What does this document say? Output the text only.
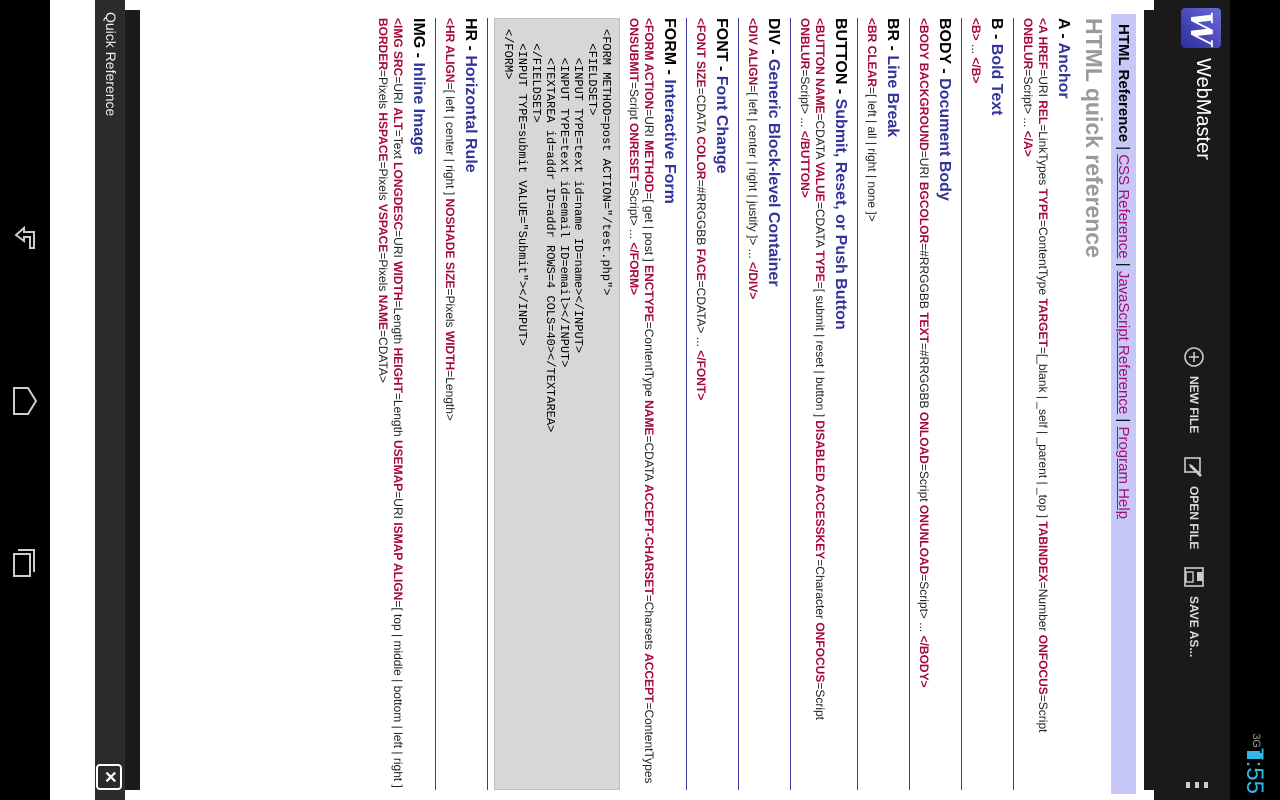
3G
7:55
W
WebMaster
NEW FILE
OPEN FILE
SAVE AS...
HTML Reference | CSS Reference | JavaScript Reference | Program Help
HTML quick reference
A - Anchor
<A HREF=URI REL=LinkTypes TYPE=ContentType TARGET=[_blank | _self | _parent | _top ] TABINDEX=Number ONFOCUS=Script ONBLUR=Script> ... </A>
B - Bold Text
<B> ... </B>
BODY - Document Body
<BODY BACKGROUND=URI BGCOLOR=#RRGGBB TEXT=#RRGGBB ONLOAD=Script ONUNLOAD=Script> ... </BODY>
BR - Line Break
<BR CLEAR=[ left | all | right | none ]>
BUTTON - Submit, Reset, or Push Button
<BUTTON NAME=CDATA VALUE=CDATA TYPE=[ submit | reset | button ] DISABLED ACCESSKEY=Character ONFOCUS=Script ONBLUR=Script> ... </BUTTON>
DIV - Generic Block-level Container
<DIV ALIGN=[ left | center | right | justify ]> ... </DIV>
FONT - Font Change
<FONT SIZE=CDATA COLOR=#RRGGBB FACE=CDATA> ... </FONT>
FORM - Interactive Form
<FORM ACTION=URI METHOD=[ get | post ] ENCTYPE=ContentType NAME=CDATA ACCEPT-CHARSET=Charsets ACCEPT=ContentTypes ONSUBMIT=Script ONRESET=Script> ... </FORM>
<FORM METHOD=post ACTION="/test.php">
<FIELDSET>
<INPUT TYPE=text id=name ID=name></INPUT>
<INPUT TYPE=text id=email ID=email></INPUT>
<TEXTAREA id=addr ID=addr ROWS=4 COLS=40></TEXTAREA>
</FIELDSET>
<INPUT TYPE=submit VALUE="Submit"></INPUT>
</FORM>
HR - Horizontal Rule
<HR ALIGN=[ left | center | right ] NOSHADE SIZE=Pixels WIDTH=Length>
IMG - Inline Image
<IMG SRC=URI ALT=Text LONGDESC=URI WIDTH=Length HEIGHT=Length USEMAP=URI ISMAP ALIGN=[ top | middle | bottom | left | right ] BORDER=Pixels HSPACE=Pixels VSPACE=Pixels NAME=CDATA>
Quick Reference
✕
